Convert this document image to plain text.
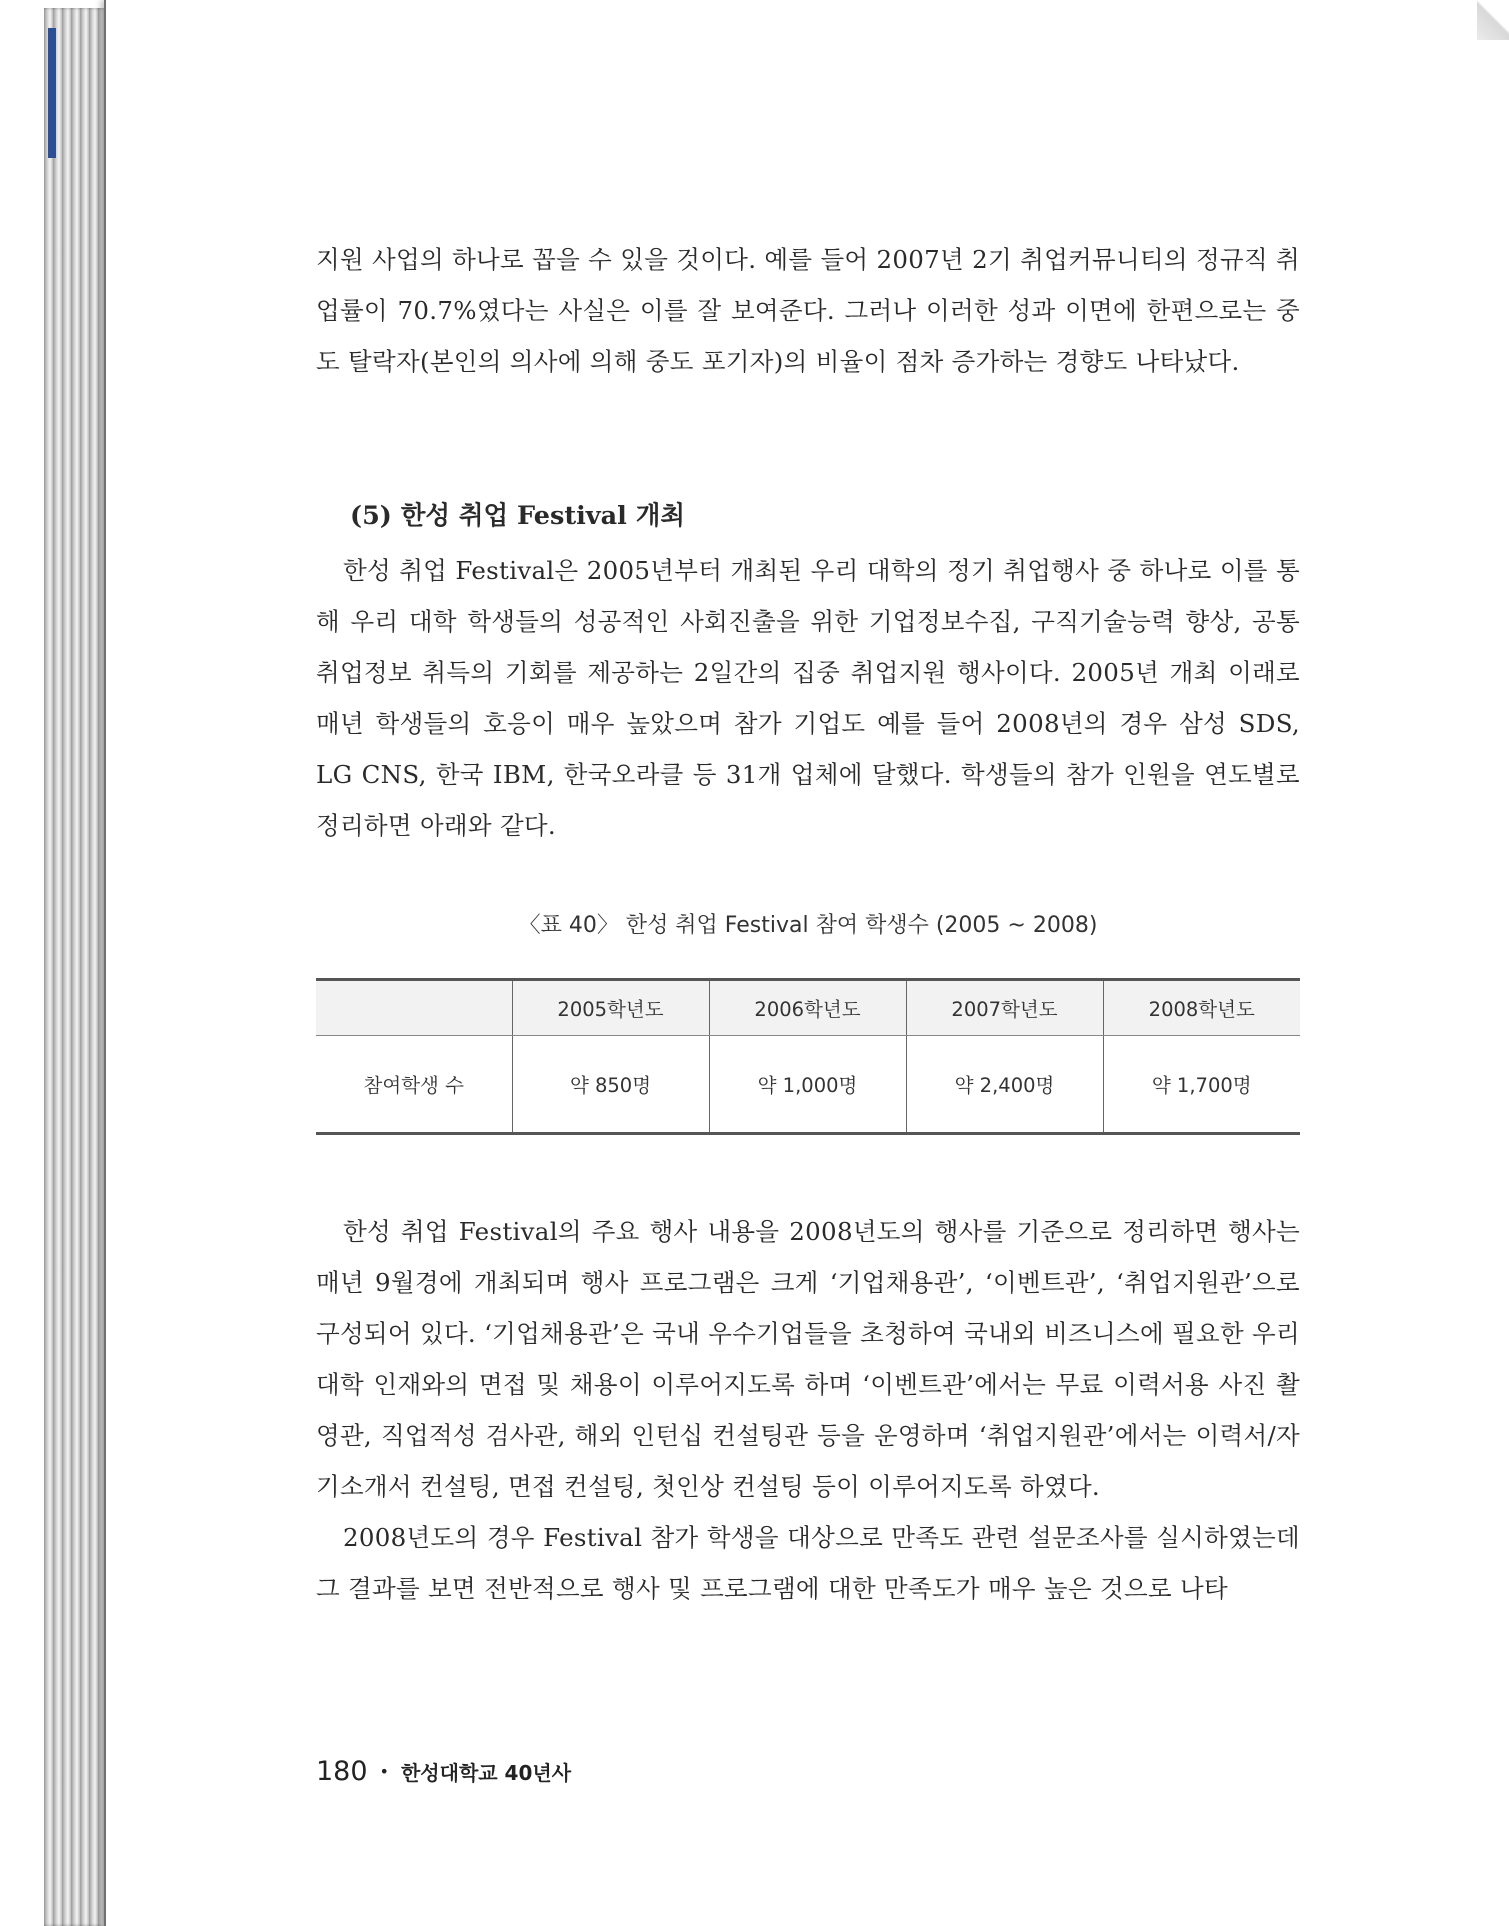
지원 사업의 하나로 꼽을 수 있을 것이다. 예를 들어 2007년 2기 취업커뮤니티의 정규직 취업률이 70.7%였다는 사실은 이를 잘 보여준다. 그러나 이러한 성과 이면에 한편으로는 중도 탈락자(본인의 의사에 의해 중도 포기자)의 비율이 점차 증가하는 경향도 나타났다.

(5) 한성 취업 Festival 개최

한성 취업 Festival은 2005년부터 개최된 우리 대학의 정기 취업행사 중 하나로 이를 통해 우리 대학 학생들의 성공적인 사회진출을 위한 기업정보수집, 구직기술능력 향상, 공통 취업정보 취득의 기회를 제공하는 2일간의 집중 취업지원 행사이다. 2005년 개최 이래로 매년 학생들의 호응이 매우 높았으며 참가 기업도 예를 들어 2008년의 경우 삼성 SDS, LG CNS, 한국 IBM, 한국오라클 등 31개 업체에 달했다. 학생들의 참가 인원을 연도별로 정리하면 아래와 같다.

〈표 40〉 한성 취업 Festival 참여 학생수 (2005 ~ 2008)
	2005학년도	2006학년도	2007학년도	2008학년도
참여학생 수	약 850명	약 1,000명	약 2,400명	약 1,700명

한성 취업 Festival의 주요 행사 내용을 2008년도의 행사를 기준으로 정리하면 행사는 매년 9월경에 개최되며 행사 프로그램은 크게 ‘기업채용관’, ‘이벤트관’, ‘취업지원관’으로 구성되어 있다. ‘기업채용관’은 국내 우수기업들을 초청하여 국내외 비즈니스에 필요한 우리 대학 인재와의 면접 및 채용이 이루어지도록 하며 ‘이벤트관’에서는 무료 이력서용 사진 촬영관, 직업적성 검사관, 해외 인턴십 컨설팅관 등을 운영하며 ‘취업지원관’에서는 이력서/자기소개서 컨설팅, 면접 컨설팅, 첫인상 컨설팅 등이 이루어지도록 하였다.

2008년도의 경우 Festival 참가 학생을 대상으로 만족도 관련 설문조사를 실시하였는데 그 결과를 보면 전반적으로 행사 및 프로그램에 대한 만족도가 매우 높은 것으로 나타

180 • 한성대학교 40년사
